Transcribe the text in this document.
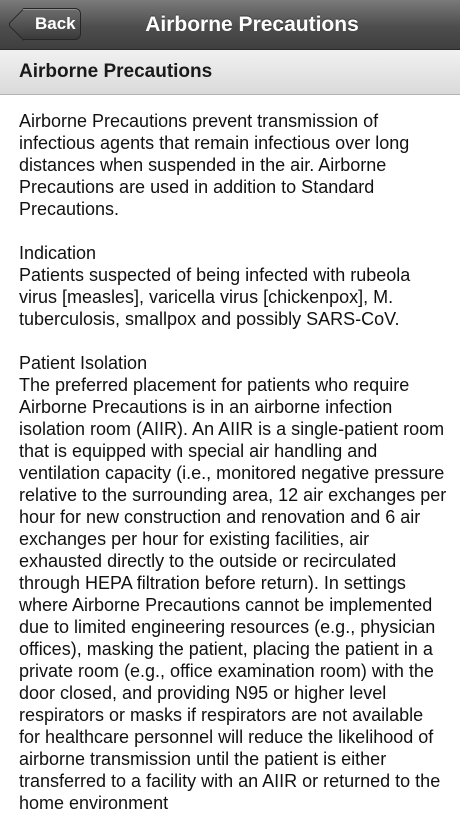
Back	Airborne Precautions
Airborne Precautions

Airborne Precautions prevent transmission of infectious agents that remain infectious over long distances when suspended in the air. Airborne Precautions are used in addition to Standard Precautions.

Indication
Patients suspected of being infected with rubeola virus [measles], varicella virus [chickenpox], M. tuberculosis, smallpox and possibly SARS-CoV.
Patient Isolation
The preferred placement for patients who require Airborne Precautions is in an airborne infection isolation room (AIIR). An AIIR is a single-patient room that is equipped with special air handling and ventilation capacity (i.e., monitored negative pressure relative to the surrounding area, 12 air exchanges per hour for new construction and renovation and 6 air exchanges per hour for existing facilities, air exhausted directly to the outside or recirculated through HEPA filtration before return). In settings where Airborne Precautions cannot be implemented due to limited engineering resources (e.g., physician offices), masking the patient, placing the patient in a private room (e.g., office examination room) with the door closed, and providing N95 or higher level respirators or masks if respirators are not available for healthcare personnel will reduce the likelihood of airborne transmission until the patient is either transferred to a facility with an AIIR or returned to the home environment
